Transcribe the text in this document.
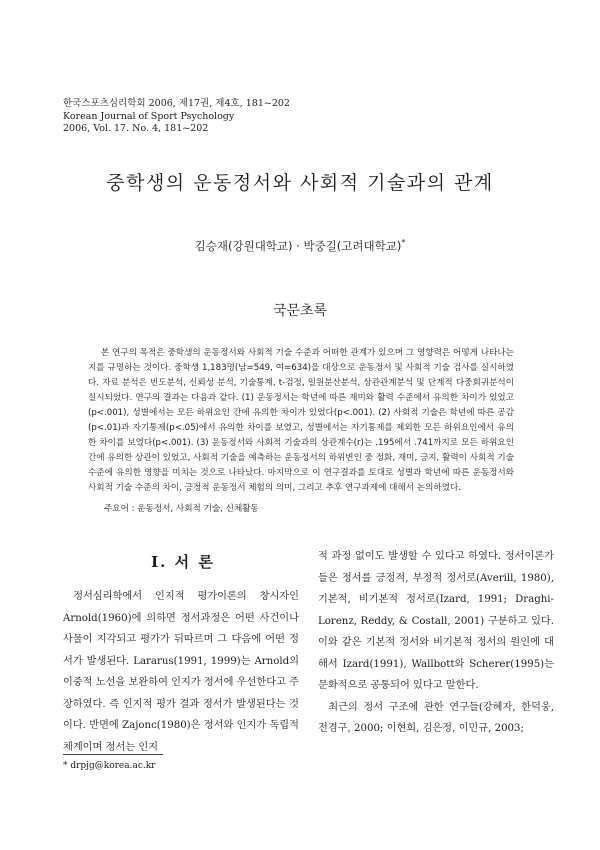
한국스포츠심리학회 2006, 제17권, 제4호, 181~202
Korean Journal of Sport Psychology
2006, Vol. 17. No. 4, 181~202
중학생의 운동정서와 사회적 기술과의 관계
김승재(강원대학교) · 박중길(고려대학교)*
국문초록
본 연구의 목적은 중학생의 운동정서와 사회적 기술 수준과 어떠한 관계가 있으며 그 영향력은 어떻게 나타나는지를 규명하는 것이다. 중학생 1,183명(남=549, 여=634)을 대상으로 운동정서 및 사회적 기술 검사를 실시하였다. 자료 분석은 빈도분석, 신뢰성 분석, 기술통계, t-검정, 일원분산분석, 상관관계분석 및 단계적 다중회귀분석이 실시되었다. 연구의 결과는 다음과 같다. (1) 운동정서는 학년에 따른 재미와 활력 수준에서 유의한 차이가 있었고(p<.001), 성별에서는 모든 하위요인 간에 유의한 차이가 있었다(p<.001). (2) 사회적 기술은 학년에 따른 공감(p<.01)과 자기통제(p<.05)에서 유의한 차이를 보였고, 성별에서는 자기통제를 제외한 모든 하위요인에서 유의한 차이를 보였다(p<.001). (3) 운동정서와 사회적 기술과의 상관계수(r)는 .195에서 .741까지로 모든 하위요인 간에 유의한 상관이 있었고, 사회적 기술을 예측하는 운동정서의 하위변인 중 정화, 재미, 긍지, 활력이 사회적 기술 수준에 유의한 영향을 미치는 것으로 나타났다. 마지막으로 이 연구결과를 토대로 성별과 학년에 따른 운동정서와 사회적 기술 수준의 차이, 긍정적 운동정서 체험의 의미, 그리고 추후 연구과제에 대해서 논의하였다.
주요어 : 운동정서, 사회적 기술, 신체활동
I. 서 론
정서심리학에서 인지적 평가이론의 창시자인 Arnold(1960)에 의하면 정서과정은 어떤 사건이나 사물이 지각되고 평가가 뒤따르며 그 다음에 어떤 정서가 발생된다. Lararus(1991, 1999)는 Arnold의 이중적 노선을 보완하여 인지가 정서에 우선한다고 주장하였다. 즉 인지적 평가 결과 정서가 발생된다는 것이다. 반면에 Zajonc(1980)은 정서와 인지가 독립적 체계이며 정서는 인지

적 과정 없이도 발생할 수 있다고 하였다. 정서이론가들은 정서를 긍정적, 부정적 정서로(Averill, 1980), 기본적, 비기본적 정서로(Izard, 1991; Draghi-Lorenz, Reddy, & Costall, 2001) 구분하고 있다. 이와 같은 기본적 정서와 비기본적 정서의 원인에 대해서 Izard(1991), Wallbott와 Scherer(1995)는 문화적으로 공통되어 있다고 말한다.

최근의 정서 구조에 관한 연구들(강혜자, 한덕웅, 전겸구, 2000; 이현희, 김은정, 이민규, 2003;

* drpjg@korea.ac.kr
